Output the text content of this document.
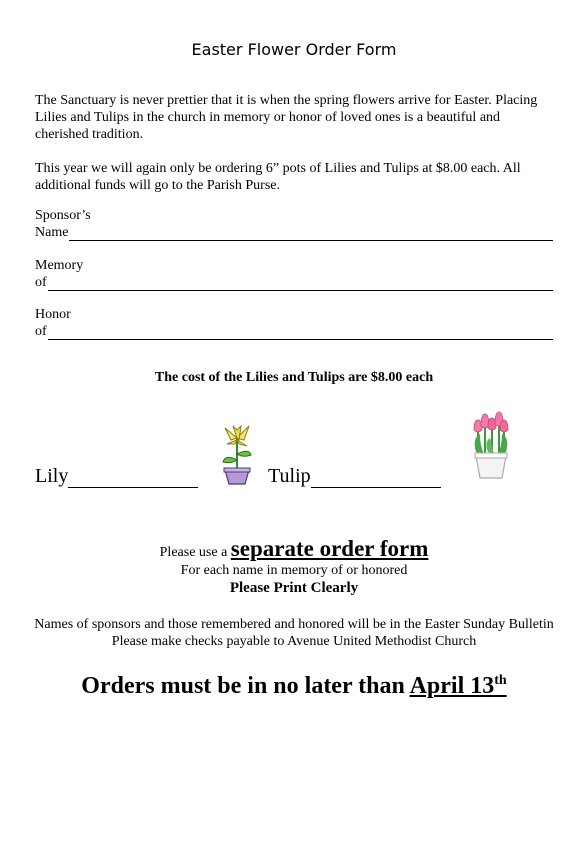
Easter Flower Order Form
The Sanctuary is never prettier that it is when the spring flowers arrive for Easter. Placing Lilies and Tulips in the church in memory or honor of loved ones is a beautiful and cherished tradition.
This year we will again only be ordering 6” pots of Lilies and Tulips at $8.00 each. All additional funds will go to the Parish Purse.
Sponsor’s
Name
Memory
of
Honor
of
The cost of the Lilies and Tulips are $8.00 each
Lily	Tulip
Please use a separate order form
For each name in memory of or honored
Please Print Clearly
Names of sponsors and those remembered and honored will be in the Easter Sunday Bulletin
Please make checks payable to Avenue United Methodist Church
Orders must be in no later than April 13th
